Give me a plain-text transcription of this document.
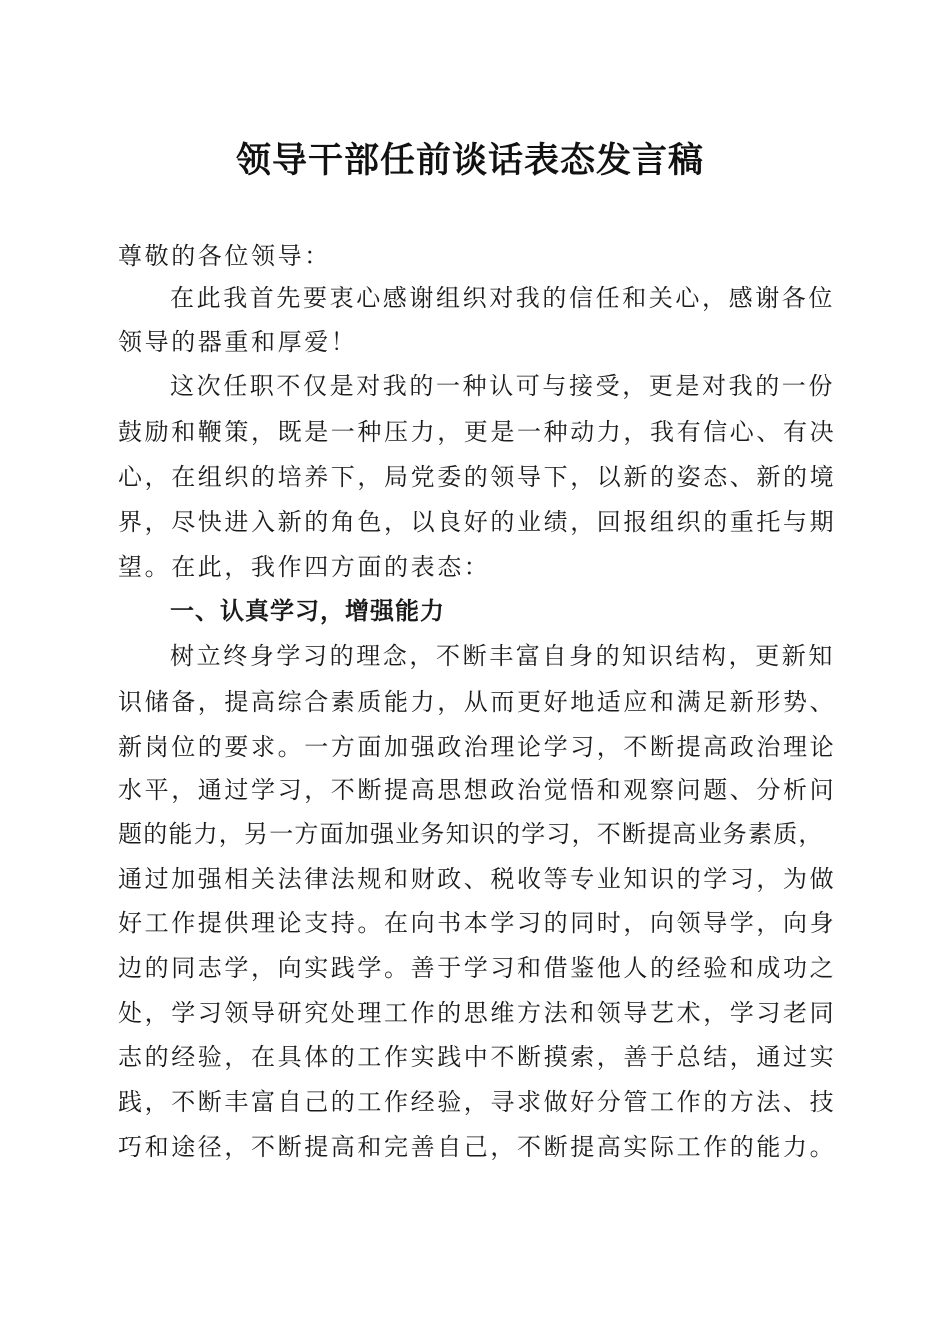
领导干部任前谈话表态发言稿
尊敬的各位领导：
在此我首先要衷心感谢组织对我的信任和关心，感谢各位
领导的器重和厚爱！
这次任职不仅是对我的一种认可与接受，更是对我的一份
鼓励和鞭策，既是一种压力，更是一种动力，我有信心、有决
心，在组织的培养下，局党委的领导下，以新的姿态、新的境
界，尽快进入新的角色，以良好的业绩，回报组织的重托与期
望。在此，我作四方面的表态：
一、认真学习，增强能力
树立终身学习的理念，不断丰富自身的知识结构，更新知
识储备，提高综合素质能力，从而更好地适应和满足新形势、
新岗位的要求。一方面加强政治理论学习，不断提高政治理论
水平，通过学习，不断提高思想政治觉悟和观察问题、分析问
题的能力，另一方面加强业务知识的学习，不断提高业务素质，
通过加强相关法律法规和财政、税收等专业知识的学习，为做
好工作提供理论支持。在向书本学习的同时，向领导学，向身
边的同志学，向实践学。善于学习和借鉴他人的经验和成功之
处，学习领导研究处理工作的思维方法和领导艺术，学习老同
志的经验，在具体的工作实践中不断摸索，善于总结，通过实
践，不断丰富自己的工作经验，寻求做好分管工作的方法、技
巧和途径，不断提高和完善自己，不断提高实际工作的能力。
